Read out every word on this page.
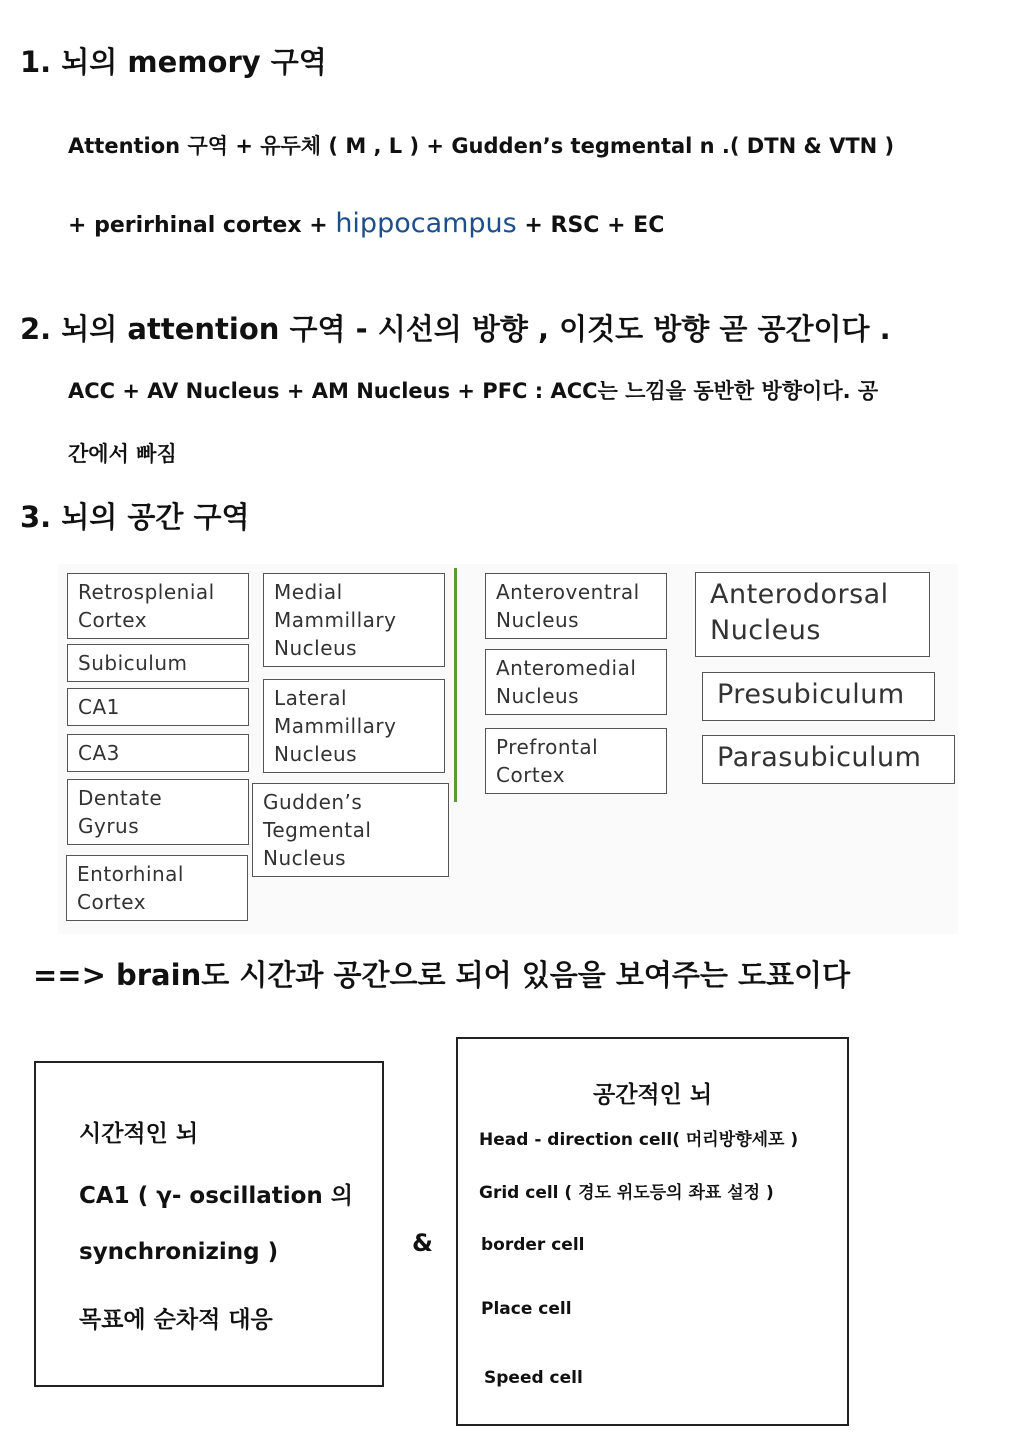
1. 뇌의 memory 구역
Attention 구역 + 유두체 ( M , L ) + Gudden’s tegmental n .( DTN & VTN )
+ perirhinal cortex + hippocampus + RSC + EC
2. 뇌의 attention 구역 - 시선의 방향 , 이것도 방향 곧 공간이다 .
ACC + AV Nucleus + AM Nucleus + PFC : ACC는 느낌을 동반한 방향이다. 공
간에서 빠짐
3. 뇌의 공간 구역
Retrosplenial
Cortex
Subiculum
CA1
CA3
Dentate
Gyrus
Entorhinal
Cortex
Medial
Mammillary
Nucleus
Lateral
Mammillary
Nucleus
Gudden’s
Tegmental
Nucleus
Anteroventral
Nucleus
Anteromedial
Nucleus
Prefrontal
Cortex
Anterodorsal
Nucleus
Presubiculum
Parasubiculum
==> brain도 시간과 공간으로 되어 있음을 보여주는 도표이다
시간적인 뇌
CA1 ( γ- oscillation 의
synchronizing )
목표에 순차적 대응
&
공간적인 뇌
Head - direction cell( 머리방향세포 )
Grid cell ( 경도 위도등의 좌표 설정 )
border cell
Place cell
Speed cell
